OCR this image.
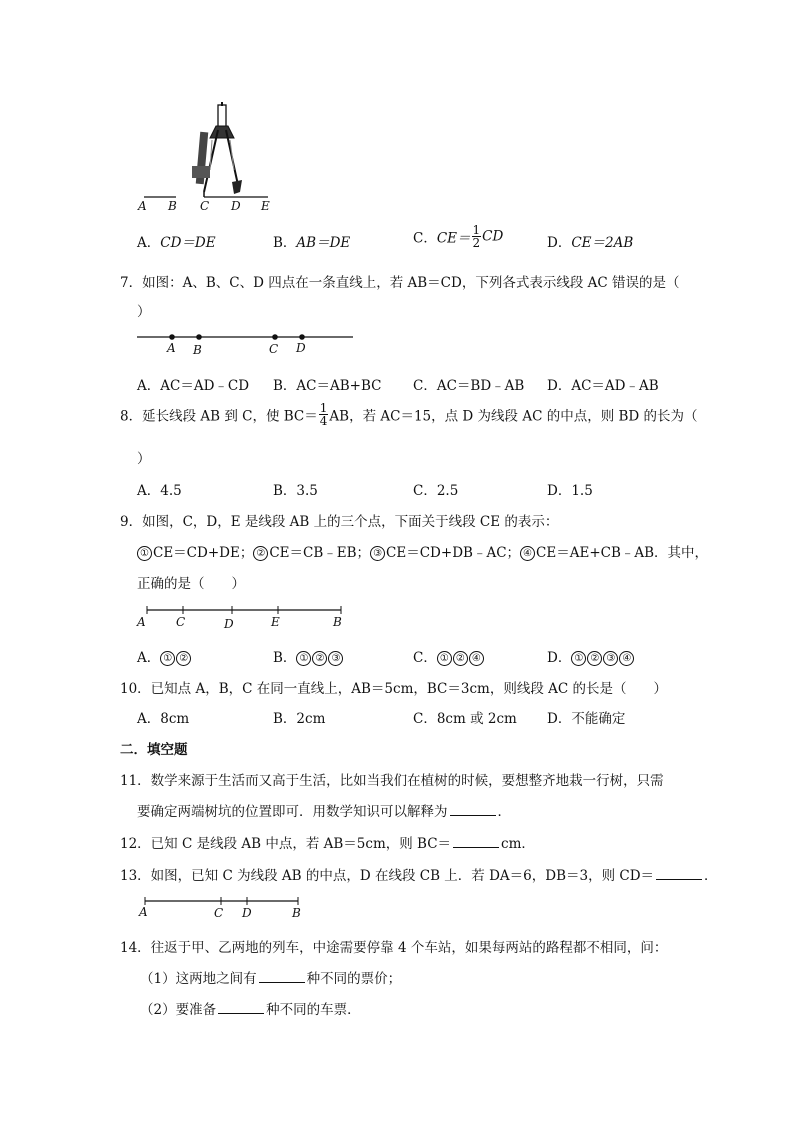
A B C D E
A．CD＝DE	B．AB＝DE	C．$CE= \frac{1}{2}$ CD	D．CE＝2AB
7．如图：A、B、C、D 四点在一条直线上，若 AB＝CD，下列各式表示线段 AC 错误的是（
）
A B	C D
A．AC＝AD﹣CD B．AC＝AB+BC C．AC＝BD﹣AB D．AC＝AD﹣AB
8．延长线段 AB 到 C，使 $BC= \frac{1}{4}$ AB，若 AC＝15，点 D 为线段 AC 的中点，则 BD 的长为（
）
A．4.5	B．3.5	C．2.5	D．1.5
9．如图，C，D，E 是线段 AB 上的三个点，下面关于线段 CE 的表示：
① CE＝CD+DE； ② CE＝CB﹣EB； ③ CE＝CD+DB﹣AC； ④ CE＝AE+CB﹣AB．其中，
正确的是（　　）
A	C	D	E	B
A． ① ②	B． ① ② ③	C． ① ② ④	D． ① ② ③ ④
10．已知点 A，B，C 在同一直线上，AB＝5cm，BC＝3cm，则线段 AC 的长是（　　）
A．8cm	B．2cm	C．8cm 或 2cm D．不能确定
二．填空题
11．数学来源于生活而又高于生活，比如当我们在植树的时候，要想整齐地栽一行树，只需
要确定两端树坑的位置即可．用数学知识可以解释为	．
12．已知 C 是线段 AB 中点，若 AB＝5cm，则 BC＝	cm．
13．如图，已知 C 为线段 AB 的中点，D 在线段 CB 上．若 DA＝6，DB＝3，则 CD＝	．
A	C D	B
14．往返于甲、乙两地的列车，中途需要停靠 4 个车站，如果每两站的路程都不相同，问：
（1）这两地之间有	种不同的票价；
（2）要准备	种不同的车票．
